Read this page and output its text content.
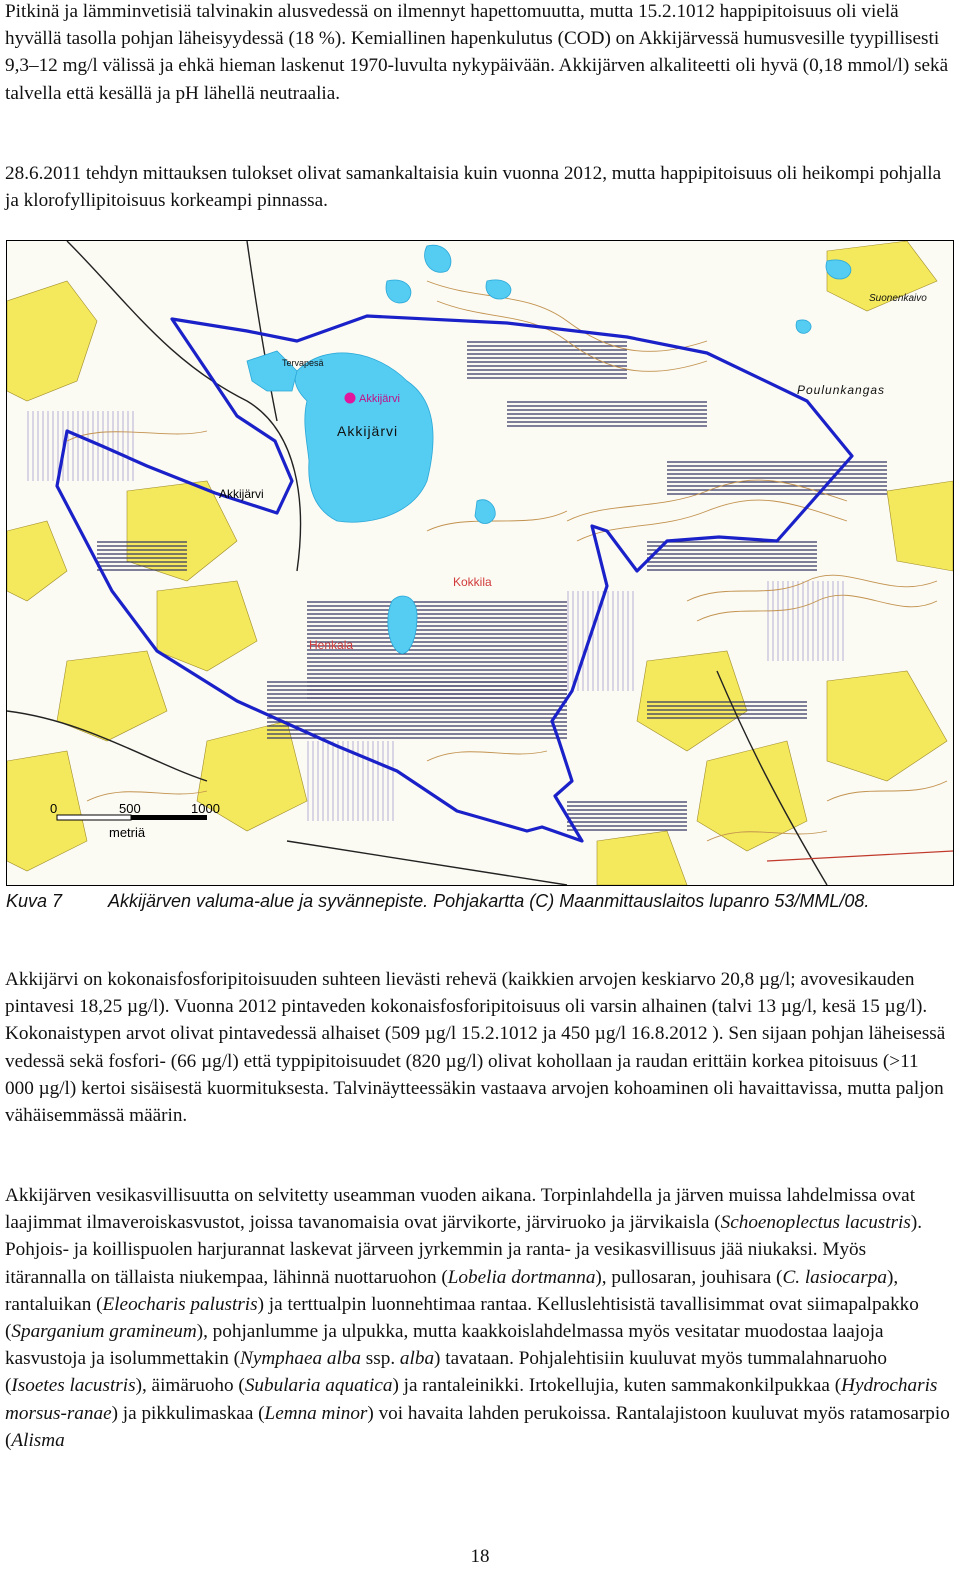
Pitkinä ja lämminvetisiä talvinakin alusvedessä on ilmennyt hapettomuutta, mutta 15.2.1012 happipitoisuus oli vielä hyvällä tasolla pohjan läheisyydessä (18 %). Kemiallinen hapenkulutus (COD) on Akkijärvessä humusvesille tyypillisesti 9,3–12 mg/l välissä ja ehkä hieman laskenut 1970-luvulta nykypäivään. Akkijärven alkaliteetti oli hyvä (0,18 mmol/l) sekä talvella että kesällä ja pH lähellä neutraalia.

28.6.2011 tehdyn mittauksen tulokset olivat samankaltaisia kuin vuonna 2012, mutta happipitoisuus oli heikompi pohjalla ja klorofyllipitoisuus korkeampi pinnassa.

Akkijärvi
Akkijärvi
Akkijärvi
Kokkila
Henkala
Poulunkangas
Tervapesä
Suonenkaivo
0	500	1000
metriä
Kuva 7	Akkijärven valuma-alue ja syvännepiste. Pohjakartta (C) Maanmittauslaitos lupanro 53/MML/08.

Akkijärvi on kokonaisfosforipitoisuuden suhteen lievästi rehevä (kaikkien arvojen keskiarvo 20,8 µg/l; avovesikauden pintavesi 18,25 µg/l). Vuonna 2012 pintaveden kokonaisfosforipitoisuus oli varsin alhainen (talvi 13 µg/l, kesä 15 µg/l). Kokonaistypen arvot olivat pintavedessä alhaiset (509 µg/l 15.2.1012 ja 450 µg/l 16.8.2012 ). Sen sijaan pohjan läheisessä vedessä sekä fosfori- (66 µg/l) että typpipitoisuudet (820 µg/l) olivat kohollaan ja raudan erittäin korkea pitoisuus (>11 000 µg/l) kertoi sisäisestä kuormituksesta. Talvinäytteessäkin vastaava arvojen kohoaminen oli havaittavissa, mutta paljon vähäisemmässä määrin.

Akkijärven vesikasvillisuutta on selvitetty useamman vuoden aikana. Torpinlahdella ja järven muissa lahdelmissa ovat laajimmat ilmaveroiskasvustot, joissa tavanomaisia ovat järvikorte, järviruoko ja järvikaisla (Schoenoplectus lacustris). Pohjois- ja koillispuolen harjurannat laskevat järveen jyrkemmin ja ranta- ja vesikasvillisuus jää niukaksi. Myös itärannalla on tällaista niukempaa, lähinnä nuottaruohon (Lobelia dortmanna), pullosaran, jouhisara (C. lasiocarpa), rantaluikan (Eleocharis palustris) ja terttualpin luonnehtimaa rantaa. Kelluslehtisistä tavallisimmat ovat siimapalpakko (Sparganium gramineum), pohjanlumme ja ulpukka, mutta kaakkoislahdelmassa myös vesitatar muodostaa laajoja kasvustoja ja isolummettakin (Nymphaea alba ssp. alba) tavataan. Pohjalehtisiin kuuluvat myös tummalahnaruoho (Isoetes lacustris), äimäruoho (Subularia aquatica) ja rantaleinikki. Irtokellujia, kuten sammakonkilpukkaa (Hydrocharis morsus-ranae) ja pikkulimaskaa (Lemna minor) voi havaita lahden perukoissa. Rantalajistoon kuuluvat myös ratamosarpio (Alisma

18
